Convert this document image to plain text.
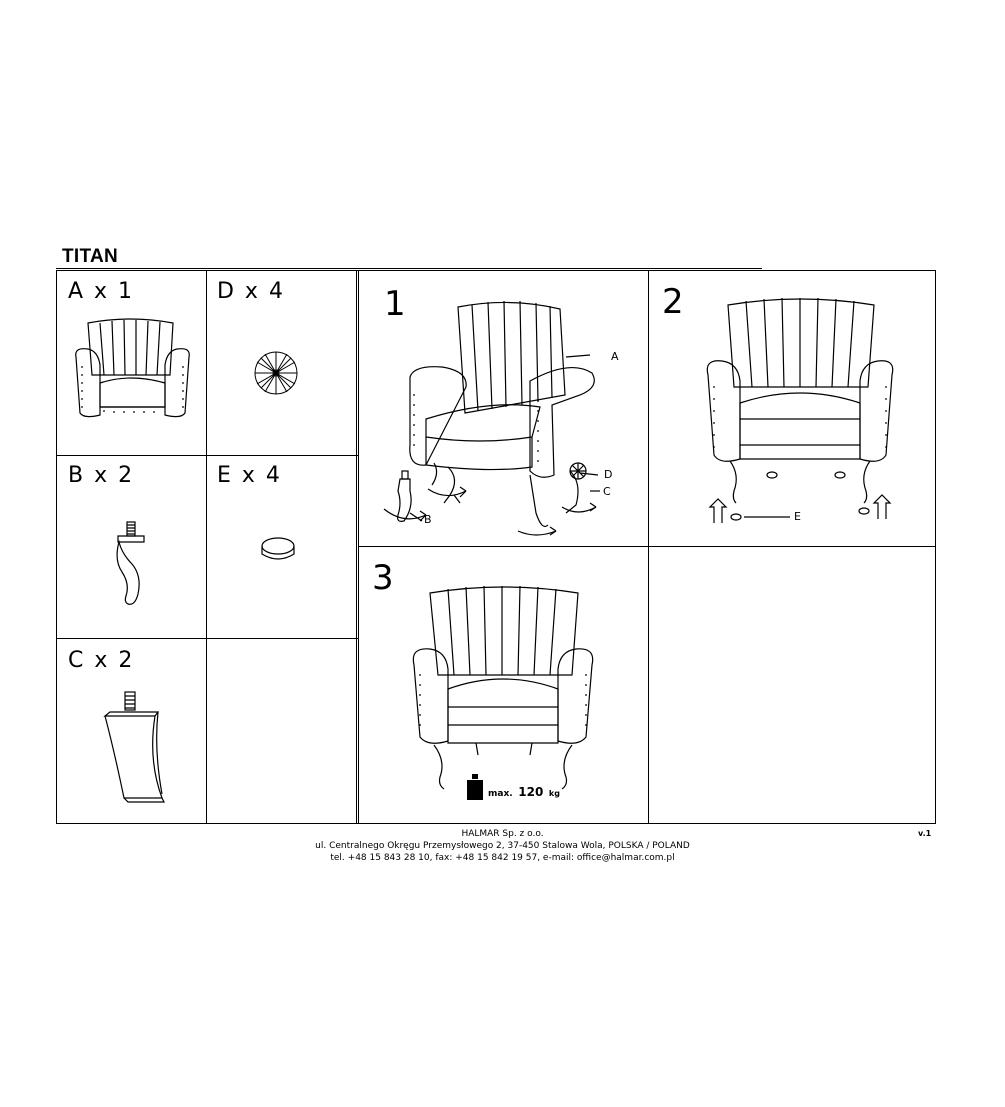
TITAN
A x 1	D x 4
B x 2	E x 4
C x 2
1	2
3
A
B
C
D
E
max. 120 kg
HALMAR Sp. z o.o.
ul. Centralnego Okręgu Przemysłowego 2, 37-450 Stalowa Wola, POLSKA / POLAND
tel. +48 15 843 28 10, fax: +48 15 842 19 57, e-mail: office@halmar.com.pl
v.1
